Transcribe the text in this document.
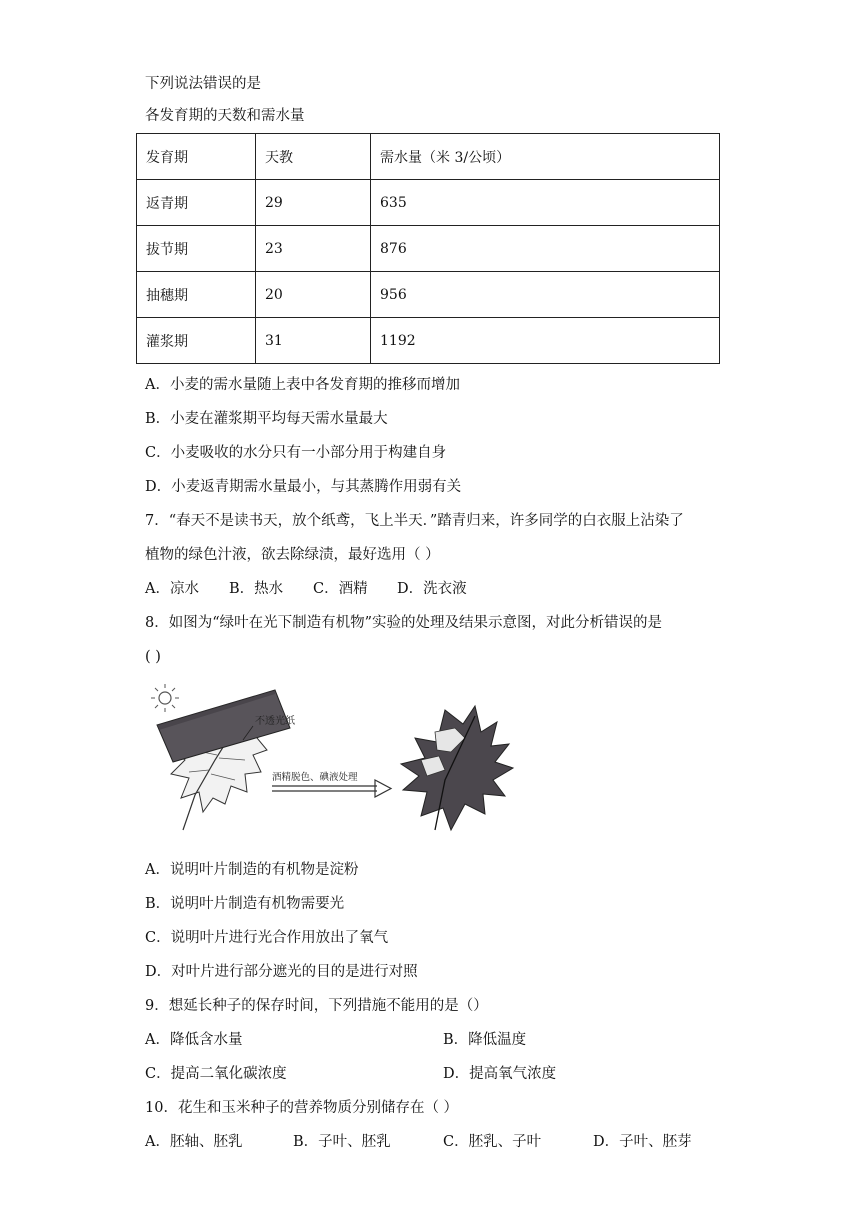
下列说法错误的是
各发育期的天数和需水量
发育期	天教	需水量（米 3/公顷）
返青期	29	635
拔节期	23	876
抽穗期	20	956
灌浆期	31	1192
A．小麦的需水量随上表中各发育期的推移而增加
B．小麦在灌浆期平均每天需水量最大
C．小麦吸收的水分只有一小部分用于构建自身
D．小麦返青期需水量最小，与其蒸腾作用弱有关
7．“春天不是读书天，放个纸鸢，飞上半天．”踏青归来，许多同学的白衣服上沾染了
植物的绿色汁液，欲去除绿渍，最好选用（ ）
A．凉水 B．热水 C．酒精 D．洗衣液
8．如图为“绿叶在光下制造有机物”实验的处理及结果示意图，对此分析错误的是
( )
不透光纸
酒精脱色、碘液处理
A．说明叶片制造的有机物是淀粉
B．说明叶片制造有机物需要光
C．说明叶片进行光合作用放出了氧气
D．对叶片进行部分遮光的目的是进行对照
9．想延长种子的保存时间，下列措施不能用的是（）
A．降低含水量	B．降低温度
C．提高二氧化碳浓度	D．提高氧气浓度
10．花生和玉米种子的营养物质分别储存在（ ）
A．胚轴、胚乳	B．子叶、胚乳	C．胚乳、子叶	D．子叶、胚芽
